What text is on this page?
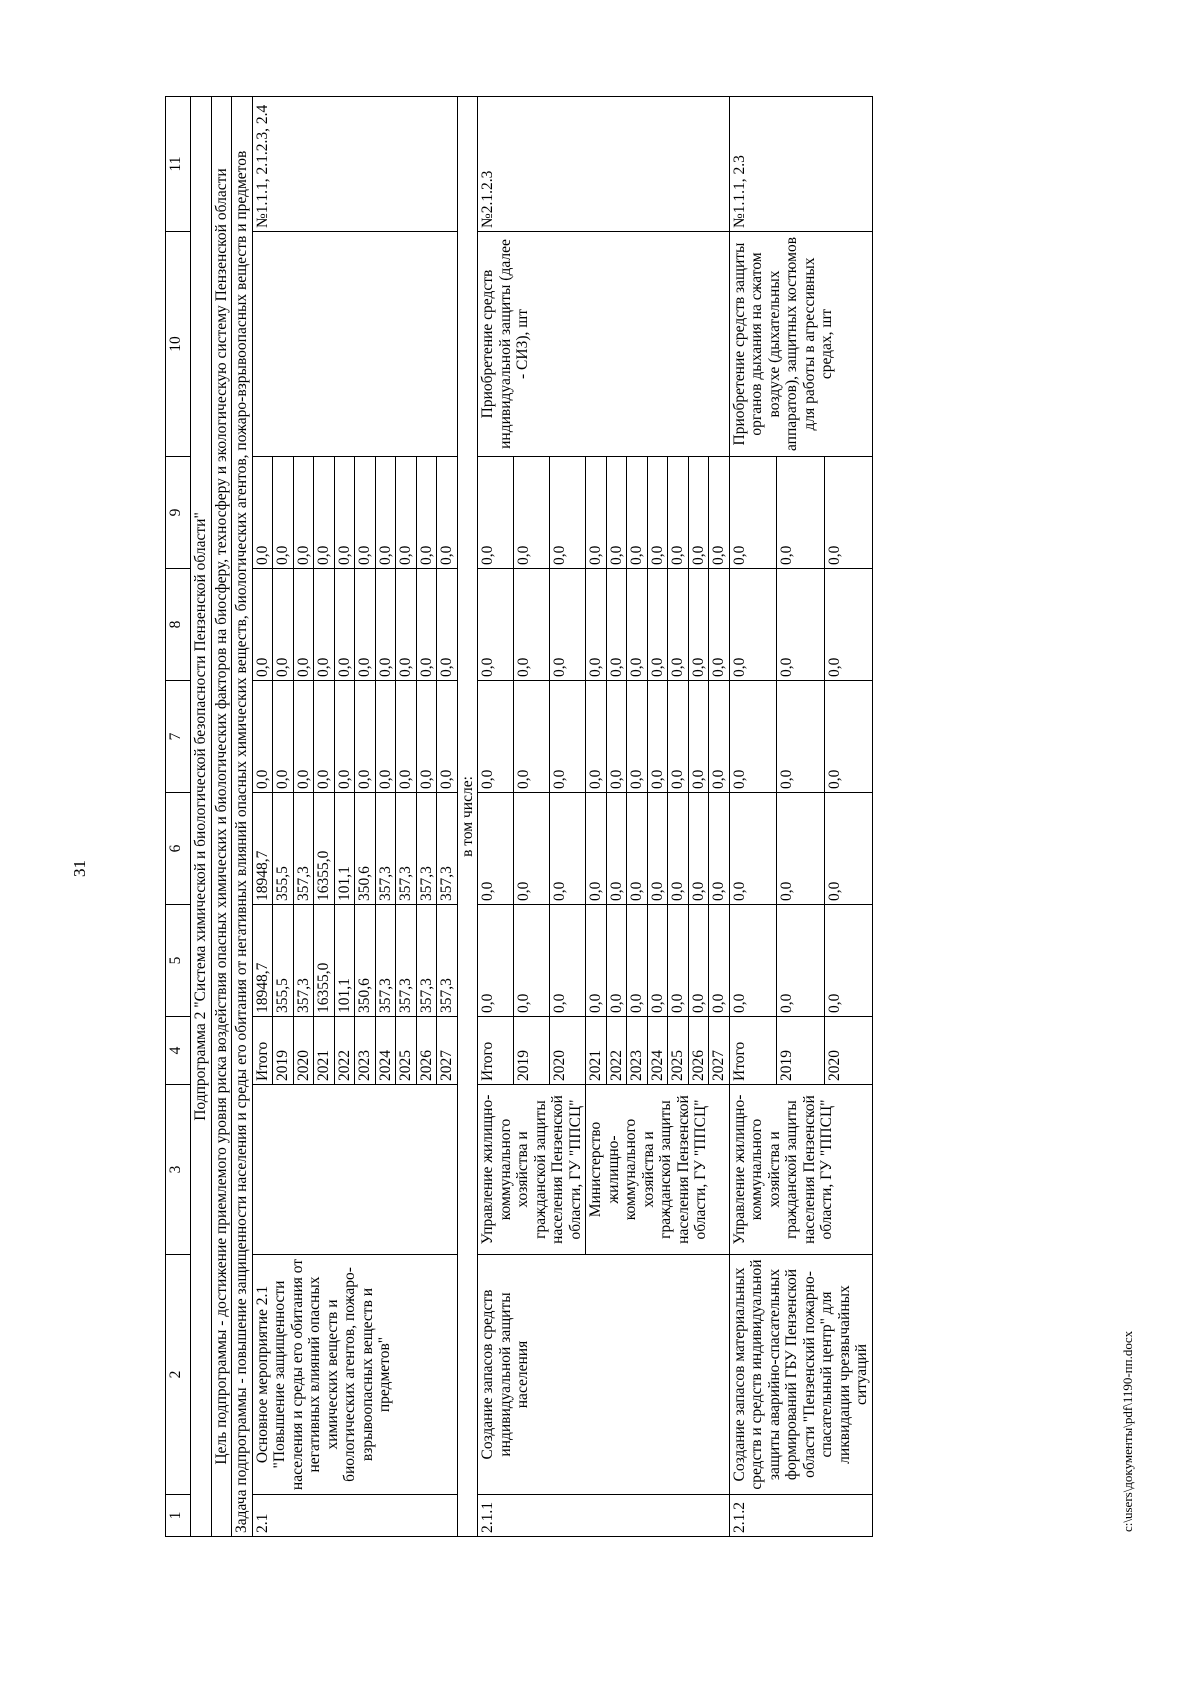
31
1	2	3	4	5	6	7	8	9	10	11
Подпрограмма 2 "Система химической и биологической безопасности Пензенской области"										
Цель подпрограммы - достижение приемлемого уровня риска воздействия опасных химических и биологических факторов на биосферу, техносферу и экологическую систему Пензенской области										
Задача подпрограммы - повышение защищенности населения и среды его обитания от негативных влияний опасных химических веществ, биологических агентов, пожаро-взрывоопасных веществ и предметов										
2.1	Основное мероприятие 2.1 "Повышение защищенности населения и среды его обитания от негативных влияний опасных химических веществ и биологических агентов, пожаро-взрывоопасных веществ и предметов"		Итого	18948,7	18948,7	0,0	0,0	0,0		№1.1.1, 2.1.2.3, 2.4
			2019	355,5	355,5	0,0	0,0	0,0		
			2020	357,3	357,3	0,0	0,0	0,0		
			2021	16355,0	16355,0	0,0	0,0	0,0		
			2022	101,1	101,1	0,0	0,0	0,0		
			2023	350,6	350,6	0,0	0,0	0,0		
			2024	357,3	357,3	0,0	0,0	0,0		
			2025	357,3	357,3	0,0	0,0	0,0		
			2026	357,3	357,3	0,0	0,0	0,0		
			2027	357,3	357,3	0,0	0,0	0,0		
в том числе:										
2.1.1	Создание запасов средств индивидуальной защиты населения	Управление жилищно-коммунального хозяйства и гражданской защиты населения Пензенской области, ГУ "ППСЦ"	Итого	0,0	0,0	0,0	0,0	0,0	Приобретение средств индивидуальной защиты (далее - СИЗ), шт	№2.1.2.3
			2019	0,0	0,0	0,0	0,0	0,0		
			2020	0,0	0,0	0,0	0,0	0,0		
		Министерство жилищно-коммунального хозяйства и гражданской защиты населения Пензенской области, ГУ "ППСЦ"	2021	0,0	0,0	0,0	0,0	0,0		
			2022	0,0	0,0	0,0	0,0	0,0		
			2023	0,0	0,0	0,0	0,0	0,0		
			2024	0,0	0,0	0,0	0,0	0,0		
			2025	0,0	0,0	0,0	0,0	0,0		
			2026	0,0	0,0	0,0	0,0	0,0		
			2027	0,0	0,0	0,0	0,0	0,0		
2.1.2	Создание запасов материальных средств и средств индивидуальной защиты аварийно-спасательных формирований ГБУ Пензенской области "Пензенский пожарно-спасательный центр" для ликвидации чрезвычайных ситуаций	Управление жилищно-коммунального хозяйства и гражданской защиты населения Пензенской области, ГУ "ППСЦ"	Итого	0,0	0,0	0,0	0,0	0,0	Приобретение средств защиты органов дыхания на сжатом воздухе (дыхательных аппаратов), защитных костюмов для работы в агрессивных средах, шт	№1.1.1, 2.3
			2019	0,0	0,0	0,0	0,0	0,0		
			2020	0,0	0,0	0,0	0,0	0,0		
c:\users\документы\pdf\1190-пп.docx
